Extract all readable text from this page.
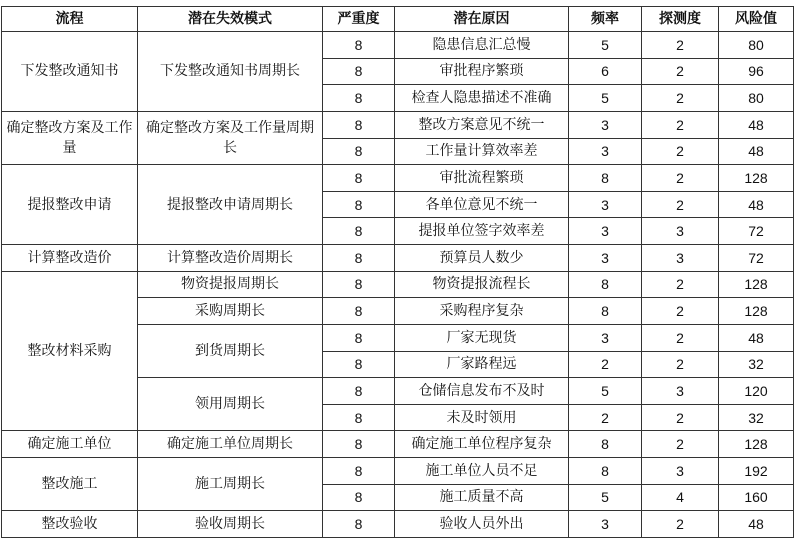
流程	潜在失效模式	严重度	潜在原因	频率	探测度	风险值
下发整改通知书	下发整改通知书周期长	8	隐患信息汇总慢	5	2	80
		8	审批程序繁琐	6	2	96
		8	检查人隐患描述不准确	5	2	80
确定整改方案及工作量	确定整改方案及工作量周期长	8	整改方案意见不统一	3	2	48
		8	工作量计算效率差	3	2	48
提报整改申请	提报整改申请周期长	8	审批流程繁琐	8	2	128
		8	各单位意见不统一	3	2	48
		8	提报单位签字效率差	3	3	72
计算整改造价	计算整改造价周期长	8	预算员人数少	3	3	72
整改材料采购	物资提报周期长	8	物资提报流程长	8	2	128
	采购周期长	8	采购程序复杂	8	2	128
	到货周期长	8	厂家无现货	3	2	48
		8	厂家路程远	2	2	32
	领用周期长	8	仓储信息发布不及时	5	3	120
		8	未及时领用	2	2	32
确定施工单位	确定施工单位周期长	8	确定施工单位程序复杂	8	2	128
整改施工	施工周期长	8	施工单位人员不足	8	3	192
		8	施工质量不高	5	4	160
整改验收	验收周期长	8	验收人员外出	3	2	48
